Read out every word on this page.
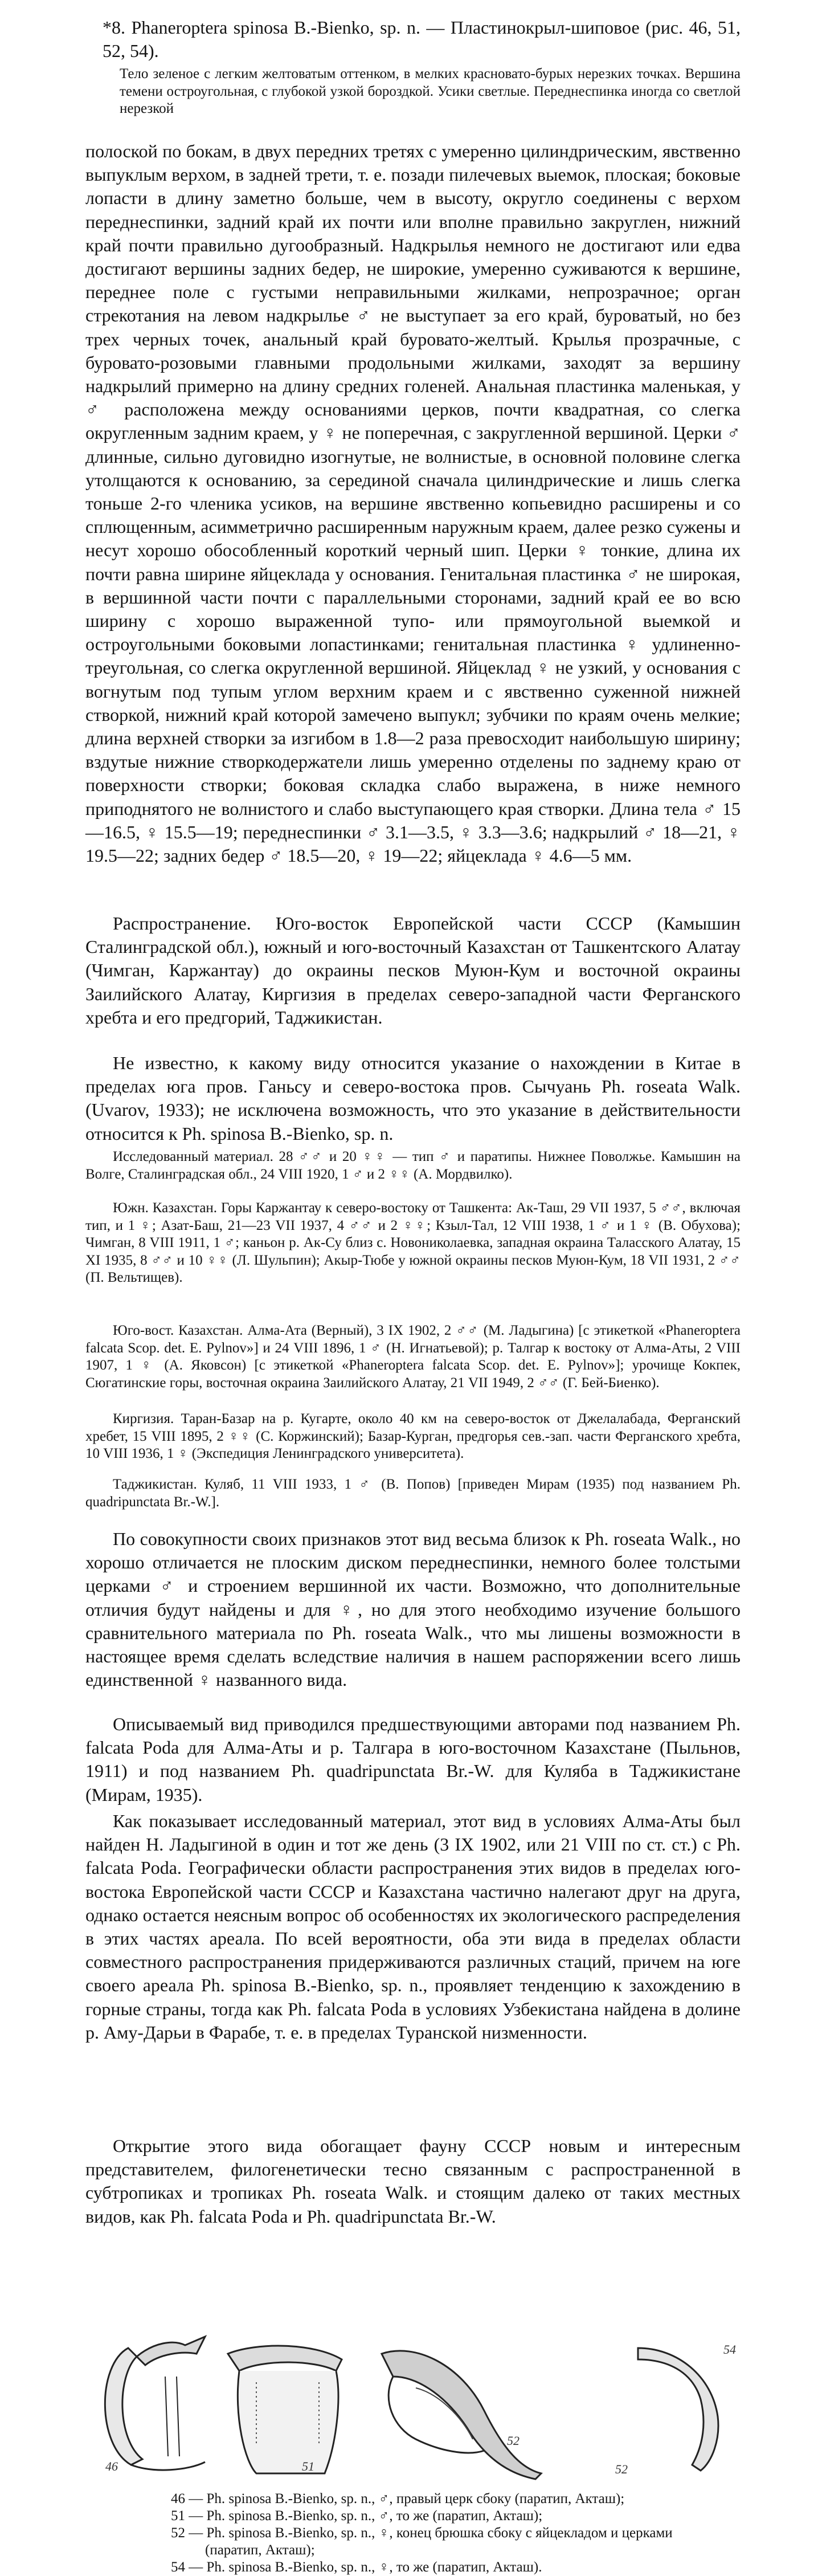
*8. Phaneroptera spinosa B.-Bienko, sp. n. — Пластинокрыл-шиповое (рис. 46, 51, 52, 54).

Тело зеленое с легким желтоватым оттенком, в мелких красновато-бурых нерезких точках. Вершина темени остроугольная, с глубокой узкой бороздкой. Усики светлые. Переднеспинка иногда со светлой нерезкой

полоской по бокам, в двух передних третях с умеренно цилиндрическим, явственно выпуклым верхом, в задней трети, т. е. позади пилечевых выемок, плоская; боковые лопасти в длину заметно больше, чем в высоту, округло соединены с верхом переднеспинки, задний край их почти или вполне правильно закруглен, нижний край почти правильно дугообразный. Надкрылья немного не достигают или едва достигают вершины задних бедер, не широкие, умеренно суживаются к вершине, переднее поле с густыми неправильными жилками, непрозрачное; орган стрекотания на левом надкрылье ♂ не выступает за его край, буроватый, но без трех черных точек, анальный край буровато-желтый. Крылья прозрачные, с буровато-розовыми главными продольными жилками, заходят за вершину надкрылий примерно на длину средних голеней. Анальная пластинка маленькая, у ♂ расположена между основаниями церков, почти квадратная, со слегка округленным задним краем, у ♀ не поперечная, с закругленной вершиной. Церки ♂ длинные, сильно дуговидно изогнутые, не волнистые, в основной половине слегка утолщаются к основанию, за серединой сначала цилиндрические и лишь слегка тоньше 2-го членика усиков, на вершине явственно копьевидно расширены и со сплющенным, асимметрично расширенным наружным краем, далее резко сужены и несут хорошо обособленный короткий черный шип. Церки ♀ тонкие, длина их почти равна ширине яйцеклада у основания. Генитальная пластинка ♂ не широкая, в вершинной части почти с параллельными сторонами, задний край ее во всю ширину с хорошо выраженной тупо- или прямоугольной выемкой и остроугольными боковыми лопастинками; генитальная пластинка ♀ удлиненно-треугольная, со слегка округленной вершиной. Яйцеклад ♀ не узкий, у основания с вогнутым под тупым углом верхним краем и с явственно суженной нижней створкой, нижний край которой замечено выпукл; зубчики по краям очень мелкие; длина верхней створки за изгибом в 1.8—2 раза превосходит наибольшую ширину; вздутые нижние створкодержатели лишь умеренно отделены по заднему краю от поверхности створки; боковая складка слабо выражена, в ниже немного приподнятого не волнистого и слабо выступающего края створки. Длина тела ♂ 15—16.5, ♀ 15.5—19; переднеспинки ♂ 3.1—3.5, ♀ 3.3—3.6; надкрылий ♂ 18—21, ♀ 19.5—22; задних бедер ♂ 18.5—20, ♀ 19—22; яйцеклада ♀ 4.6—5 мм.

Распространение. Юго-восток Европейской части СССР (Камышин Сталинградской обл.), южный и юго-восточный Казахстан от Ташкентского Алатау (Чимган, Каржантау) до окраины песков Муюн-Кум и восточной окраины Заилийского Алатау, Киргизия в пределах северо-западной части Ферганского хребта и его предгорий, Таджикистан.

Не известно, к какому виду относится указание о нахождении в Китае в пределах юга пров. Ганьсу и северо-востока пров. Сычуань Ph. roseata Walk. (Uvarov, 1933); не исключена возможность, что это указание в действительности относится к Ph. spinosa B.-Bienko, sp. n.

Исследованный материал. 28 ♂♂ и 20 ♀♀ — тип ♂ и паратипы. Нижнее Поволжье. Камышин на Волге, Сталинградская обл., 24 VIII 1920, 1 ♂ и 2 ♀♀ (А. Мордвилко).

Южн. Казахстан. Горы Каржантау к северо-востоку от Ташкента: Ак-Таш, 29 VII 1937, 5 ♂♂, включая тип, и 1 ♀; Азат-Баш, 21—23 VII 1937, 4 ♂♂ и 2 ♀♀; Кзыл-Тал, 12 VIII 1938, 1 ♂ и 1 ♀ (В. Обухова); Чимган, 8 VIII 1911, 1 ♂; каньон р. Ак-Су близ с. Новониколаевка, западная окраина Таласского Алатау, 15 XI 1935, 8 ♂♂ и 10 ♀♀ (Л. Шульпин); Акыр-Тюбе у южной окраины песков Муюн-Кум, 18 VII 1931, 2 ♂♂ (П. Вельтищев).

Юго-вост. Казахстан. Алма-Ата (Верный), 3 IX 1902, 2 ♂♂ (М. Ладыгина) [с этикеткой «Phaneroptera falcata Scop. det. E. Pylnov»] и 24 VIII 1896, 1 ♂ (Н. Игнатьевой); р. Талгар к востоку от Алма-Аты, 2 VIII 1907, 1 ♀ (А. Яковсон) [с этикеткой «Phaneroptera falcata Scop. det. E. Pylnov»]; урочище Кокпек, Сюгатинские горы, восточная окраина Заилийского Алатау, 21 VII 1949, 2 ♂♂ (Г. Бей-Биенко).

Киргизия. Таран-Базар на р. Кугарте, около 40 км на северо-восток от Джелалабада, Ферганский хребет, 15 VIII 1895, 2 ♀♀ (С. Коржинский); Базар-Курган, предгорья сев.-зап. части Ферганского хребта, 10 VIII 1936, 1 ♀ (Экспедиция Ленинградского университета).

Таджикистан. Куляб, 11 VIII 1933, 1 ♂ (В. Попов) [приведен Мирам (1935) под названием Ph. quadripunctata Br.-W.].

По совокупности своих признаков этот вид весьма близок к Ph. roseata Walk., но хорошо отличается не плоским диском переднеспинки, немного более толстыми церками ♂ и строением вершинной их части. Возможно, что дополнительные отличия будут найдены и для ♀, но для этого необходимо изучение большого сравнительного материала по Ph. roseata Walk., что мы лишены возможности в настоящее время сделать вследствие наличия в нашем распоряжении всего лишь единственной ♀ названного вида.

Описываемый вид приводился предшествующими авторами под названием Ph. falcata Poda для Алма-Аты и р. Талгара в юго-восточном Казахстане (Пыльнов, 1911) и под названием Ph. quadripunctata Br.-W. для Куляба в Таджикистане (Мирам, 1935).

Как показывает исследованный материал, этот вид в условиях Алма-Аты был найден Н. Ладыгиной в один и тот же день (3 IX 1902, или 21 VIII по ст. ст.) с Ph. falcata Poda. Географически области распространения этих видов в пределах юго-востока Европейской части СССР и Казахстана частично налегают друг на друга, однако остается неясным вопрос об особенностях их экологического распределения в этих частях ареала. По всей вероятности, оба эти вида в пределах области совместного распространения придерживаются различных стаций, причем на юге своего ареала Ph. spinosa B.-Bienko, sp. n., проявляет тенденцию к захождению в горные страны, тогда как Ph. falcata Poda в условиях Узбекистана найдена в долине р. Аму-Дарьи в Фарабе, т. е. в пределах Туранской низменности.

Открытие этого вида обогащает фауну СССР новым и интересным представителем, филогенетически тесно связанным с распространенной в субтропиках и тропиках Ph. roseata Walk. и стоящим далеко от таких местных видов, как Ph. falcata Poda и Ph. quadripunctata Br.-W.

46	51
52
52
54
46 — Ph. spinosa B.-Bienko, sp. n., ♂, правый церк сбоку (паратип, Акташ);
51 — Ph. spinosa B.-Bienko, sp. n., ♂, то же (паратип, Акташ);
52 — Ph. spinosa B.-Bienko, sp. n., ♀, конец брюшка сбоку с яйцекладом и церками (паратип, Акташ);
54 — Ph. spinosa B.-Bienko, sp. n., ♀, то же (паратип, Акташ).
